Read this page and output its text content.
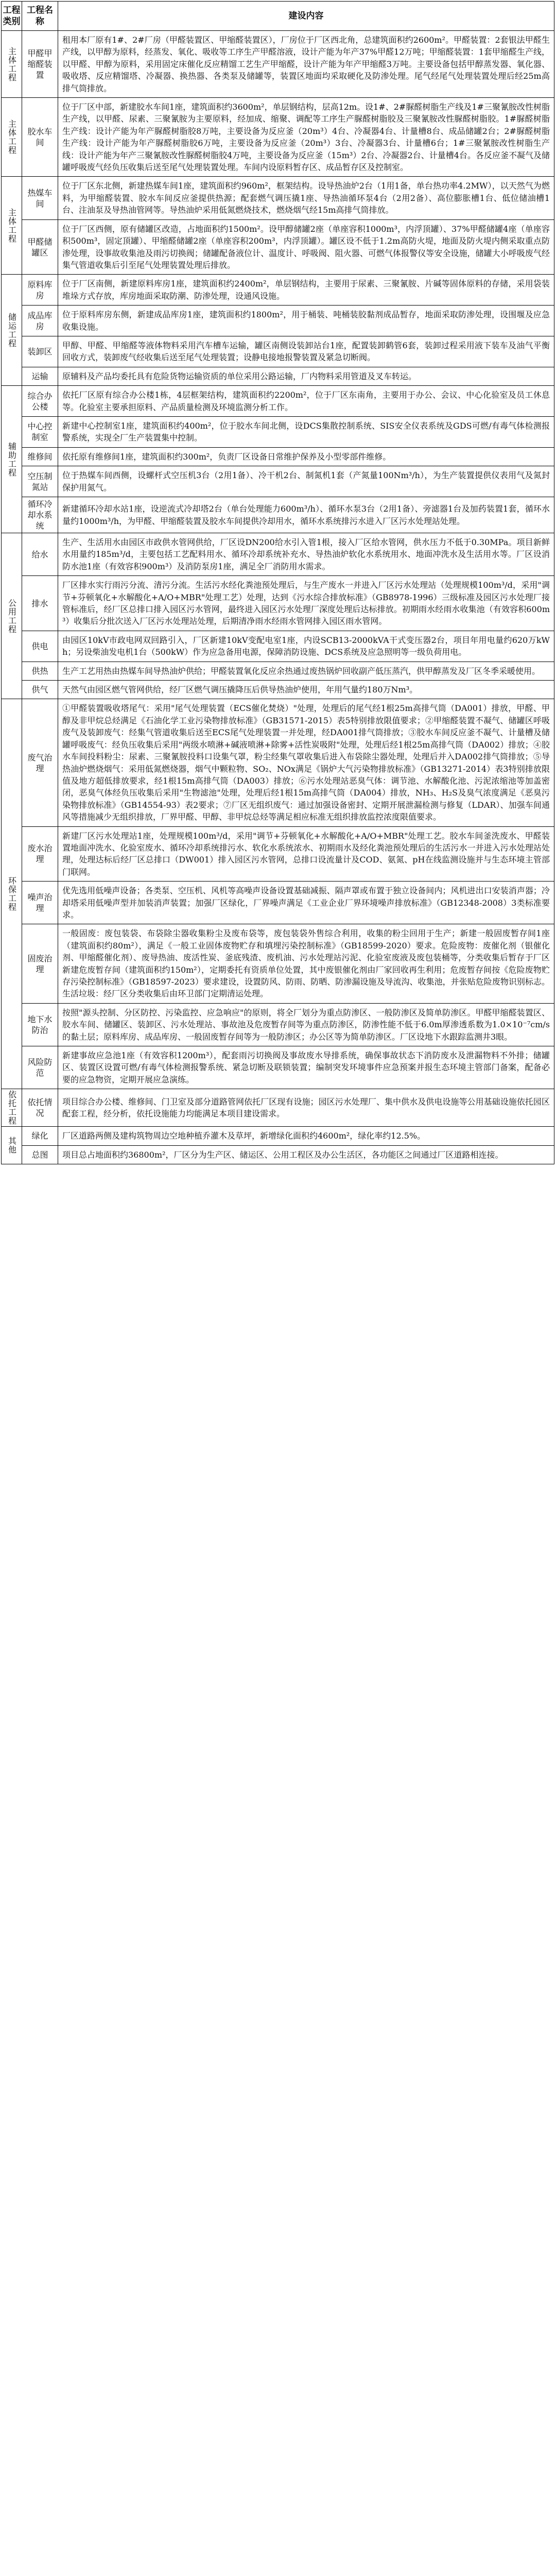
工程类别	工程名称	建设内容
主体工程	甲醛甲缩醛装置	租用本厂原有1#、2#厂房（甲醛装置区、甲缩醛装置区），厂房位于厂区西北角，总建筑面积约2600m²。甲醛装置：2套银法甲醛生产线，以甲醇为原料，经蒸发、氧化、吸收等工序生产甲醛溶液，设计产能为年产37%甲醛12万吨；甲缩醛装置：1套甲缩醛生产线，以甲醛、甲醇为原料，采用固定床催化反应精馏工艺生产甲缩醛，设计产能为年产甲缩醛3万吨。主要设备包括甲醇蒸发器、氧化器、吸收塔、反应精馏塔、冷凝器、换热器、各类泵及储罐等，装置区地面均采取硬化及防渗处理。尾气经尾气处理装置处理后经25m高排气筒排放。
主体工程	胶水车间	位于厂区中部，新建胶水车间1座，建筑面积约3600m²，单层钢结构，层高12m。设1#、2#脲醛树脂生产线及1#三聚氰胺改性树脂生产线，以甲醛、尿素、三聚氰胺为主要原料，经加成、缩聚、调配等工序生产脲醛树脂胶及三聚氰胺改性脲醛树脂胶。1#脲醛树脂生产线：设计产能为年产脲醛树脂胶8万吨，主要设备为反应釜（20m³）4台、冷凝器4台、计量槽8台、成品储罐2台；2#脲醛树脂生产线：设计产能为年产脲醛树脂胶6万吨，主要设备为反应釜（20m³）3台、冷凝器3台、计量槽6台；1#三聚氰胺改性树脂生产线：设计产能为年产三聚氰胺改性脲醛树脂胶4万吨，主要设备为反应釜（15m³）2台、冷凝器2台、计量槽4台。各反应釜不凝气及储罐呼吸废气经负压收集后送至尾气处理装置处理。车间内设原料暂存区、成品暂存区及控制室。
主体工程	热媒车间	位于厂区东北侧，新建热媒车间1座，建筑面积约960m²，框架结构。设导热油炉2台（1用1备，单台热功率4.2MW），以天然气为燃料，为甲缩醛装置、胶水车间反应釜提供热源；配套燃气调压撬1座、导热油循环泵4台（2用2备）、高位膨胀槽1台、低位储油槽1台、注油泵及导热油管网等。导热油炉采用低氮燃烧技术，燃烧烟气经15m高排气筒排放。
	甲醛储罐区	位于厂区西侧，原有储罐区改造，占地面积约1500m²。设甲醇储罐2座（单座容积1000m³，内浮顶罐）、37%甲醛储罐4座（单座容积500m³，固定顶罐）、甲缩醛储罐2座（单座容积200m³，内浮顶罐）。罐区设不低于1.2m高防火堤，地面及防火堤内侧采取重点防渗处理，设事故收集池及雨污切换阀；储罐配备液位计、温度计、呼吸阀、阻火器、可燃气体报警仪等安全设施，储罐大小呼吸废气经集气管道收集后引至尾气处理装置处理后排放。
储运工程	原料库房	位于厂区南侧，新建原料库房1座，建筑面积约2400m²，单层钢结构，主要用于尿素、三聚氰胺、片碱等固体原料的存储，采用袋装堆垛方式存放，库房地面采取防潮、防渗处理，设通风设施。
	成品库房	位于原料库房东侧，新建成品库房1座，建筑面积约1800m²，用于桶装、吨桶装胶黏剂成品暂存，地面采取防渗处理，设围堰及应急收集设施。
	装卸区	甲醇、甲醛、甲缩醛等液体物料采用汽车槽车运输，罐区南侧设装卸站台1座，配置装卸鹤管6套，装卸过程采用液下装车及油气平衡回收方式，装卸废气经收集后送至尾气处理装置；设静电接地报警装置及紧急切断阀。
	运输	原辅料及产品均委托具有危险货物运输资质的单位采用公路运输，厂内物料采用管道及叉车转运。
辅助工程	综合办公楼	依托厂区原有综合办公楼1栋，4层框架结构，建筑面积约2200m²，位于厂区东南角，主要用于办公、会议、中心化验室及员工休息等。化验室主要承担原料、产品质量检测及环境监测分析工作。
	中心控制室	新建中心控制室1座，建筑面积约400m²，位于胶水车间北侧，设DCS集散控制系统、SIS安全仪表系统及GDS可燃/有毒气体检测报警系统，实现全厂生产装置集中控制。
	维修间	依托原有维修间1座，建筑面积约300m²，负责厂区设备日常维护保养及小型零部件维修。
	空压制氮站	位于热媒车间西侧，设螺杆式空压机3台（2用1备）、冷干机2台、制氮机1套（产氮量100Nm³/h），为生产装置提供仪表用气及氮封保护用氮气。
	循环冷却水系统	新建循环冷却水站1座，设逆流式冷却塔2台（单台处理能力600m³/h）、循环水泵3台（2用1备）、旁滤器1台及加药装置1套，循环水量约1000m³/h，为甲醛、甲缩醛装置及胶水车间提供冷却用水，循环水系统排污水进入厂区污水处理站处理。
公用工程	给水	生产、生活用水由园区市政供水管网供给，厂区设DN200给水引入管1根，接入厂区给水管网，供水压力不低于0.30MPa。项目新鲜水用量约185m³/d，主要包括工艺配料用水、循环冷却系统补充水、导热油炉软化水系统用水、地面冲洗水及生活用水等。厂区设消防水池1座（有效容积900m³）及消防泵房1座，满足全厂消防用水需求。
	排水	厂区排水实行雨污分流、清污分流。生活污水经化粪池预处理后，与生产废水一并进入厂区污水处理站（处理规模100m³/d，采用"调节+芬顿氧化+水解酸化+A/O+MBR"处理工艺）处理，达到《污水综合排放标准》（GB8978-1996）三级标准及园区污水处理厂接管标准后，经厂区总排口排入园区污水管网，最终进入园区污水处理厂深度处理后达标排放。初期雨水经雨水收集池（有效容积600m³）收集后分批次送入厂区污水处理站处理，后期清净雨水经雨水管网排入园区雨水管网。
	供电	由园区10kV市政电网双回路引入，厂区新建10kV变配电室1座，内设SCB13-2000kVA干式变压器2台，项目年用电量约620万kWh；另设柴油发电机1台（500kW）作为应急备用电源，保障消防设施、DCS系统及应急照明等一级负荷用电。
	供热	生产工艺用热由热媒车间导热油炉供给；甲醛装置氧化反应余热通过废热锅炉回收副产低压蒸汽，供甲醇蒸发及厂区冬季采暖使用。
	供气	天然气由园区燃气管网供给，经厂区燃气调压撬降压后供导热油炉使用，年用气量约180万Nm³。
环保工程	废气治理	①甲醛装置吸收塔尾气：采用"尾气处理装置（ECS催化焚烧）"处理，处理后的尾气经1根25m高排气筒（DA001）排放，甲醛、甲醇及非甲烷总烃满足《石油化学工业污染物排放标准》（GB31571-2015）表5特别排放限值要求；②甲缩醛装置不凝气、储罐区呼吸废气及装卸废气：经集气管道收集后送至ECS尾气处理装置一并处理，经DA001排气筒排放；③胶水车间反应釜不凝气、计量槽及储罐呼吸废气：经负压收集后采用"两级水喷淋+碱液喷淋+除雾+活性炭吸附"处理，处理后经1根25m高排气筒（DA002）排放；④胶水车间投料粉尘：尿素、三聚氰胺投料口设集气罩，粉尘经集气罩收集后进入布袋除尘器处理，处理后并入DA002排气筒排放；⑤导热油炉燃烧烟气：采用低氮燃烧器，烟气中颗粒物、SO₂、NOx满足《锅炉大气污染物排放标准》（GB13271-2014）表3特别排放限值及地方超低排放要求，经1根15m高排气筒（DA003）排放；⑥污水处理站恶臭气体：调节池、水解酸化池、污泥浓缩池等加盖密闭，恶臭气体经负压收集后采用"生物滤池"处理，处理后经1根15m高排气筒（DA004）排放，NH₃、H₂S及臭气浓度满足《恶臭污染物排放标准》（GB14554-93）表2要求；⑦厂区无组织废气：通过加强设备密封、定期开展泄漏检测与修复（LDAR）、加强车间通风等措施减少无组织排放，厂界甲醛、甲醇、非甲烷总烃等满足相应标准无组织排放监控浓度限值要求。
	废水治理	新建厂区污水处理站1座，处理规模100m³/d，采用"调节+芬顿氧化+水解酸化+A/O+MBR"处理工艺。胶水车间釜洗废水、甲醛装置地面冲洗水、化验室废水、循环冷却系统排污水、软化水系统浓水、初期雨水及经化粪池预处理后的生活污水一并进入污水处理站处理，处理达标后经厂区总排口（DW001）排入园区污水管网，总排口设流量计及COD、氨氮、pH在线监测设施并与生态环境主管部门联网。
	噪声治理	优先选用低噪声设备；各类泵、空压机、风机等高噪声设备设置基础减振、隔声罩或布置于独立设备间内；风机进出口安装消声器；冷却塔采用低噪声型并加装消声装置；加强厂区绿化，厂界噪声满足《工业企业厂界环境噪声排放标准》（GB12348-2008）3类标准要求。
	固废治理	一般固废：废包装袋、布袋除尘器收集粉尘及废布袋等，废包装袋外售综合利用，收集的粉尘回用于生产；新建一般固废暂存间1座（建筑面积约80m²），满足《一般工业固体废物贮存和填埋污染控制标准》（GB18599-2020）要求。危险废物：废催化剂（银催化剂、甲缩醛催化剂）、废导热油、废活性炭、釜底残渣、废机油、污水处理站污泥、化验室废液及废包装桶等，分类收集后暂存于厂区新建危废暂存间（建筑面积约150m²），定期委托有资质单位处置，其中废银催化剂由厂家回收再生利用；危废暂存间按《危险废物贮存污染控制标准》（GB18597-2023）要求建设，设置防风、防雨、防晒、防渗漏设施及导流沟、收集池，并张贴危险废物识别标志。生活垃圾：经厂区分类收集后由环卫部门定期清运处理。
	地下水防治	按照"源头控制、分区防控、污染监控、应急响应"的原则，将全厂划分为重点防渗区、一般防渗区及简单防渗区。甲醛甲缩醛装置区、胶水车间、储罐区、装卸区、污水处理站、事故池及危废暂存间等为重点防渗区，防渗性能不低于6.0m厚渗透系数为1.0×10⁻⁷cm/s的黏土层；原料库房、成品库房、一般固废暂存间等为一般防渗区；办公区等为简单防渗区。厂区设地下水跟踪监测井3眼。
	风险防范	新建事故应急池1座（有效容积1200m³），配套雨污切换阀及事故废水导排系统，确保事故状态下消防废水及泄漏物料不外排；储罐区、装置区设置可燃/有毒气体检测报警系统、紧急切断及联锁装置；编制突发环境事件应急预案并报生态环境主管部门备案，配备必要的应急物资，定期开展应急演练。
依托工程	依托情况	项目综合办公楼、维修间、门卫室及部分道路管网依托厂区现有设施；园区污水处理厂、集中供水及供电设施等公用基础设施依托园区配套工程，经分析，依托设施能力均能满足本项目建设需求。
其他	绿化	厂区道路两侧及建构筑物周边空地种植乔灌木及草坪，新增绿化面积约4600m²，绿化率约12.5%。
	总图	项目总占地面积约36800m²，厂区分为生产区、储运区、公用工程区及办公生活区，各功能区之间通过厂区道路相连接。
